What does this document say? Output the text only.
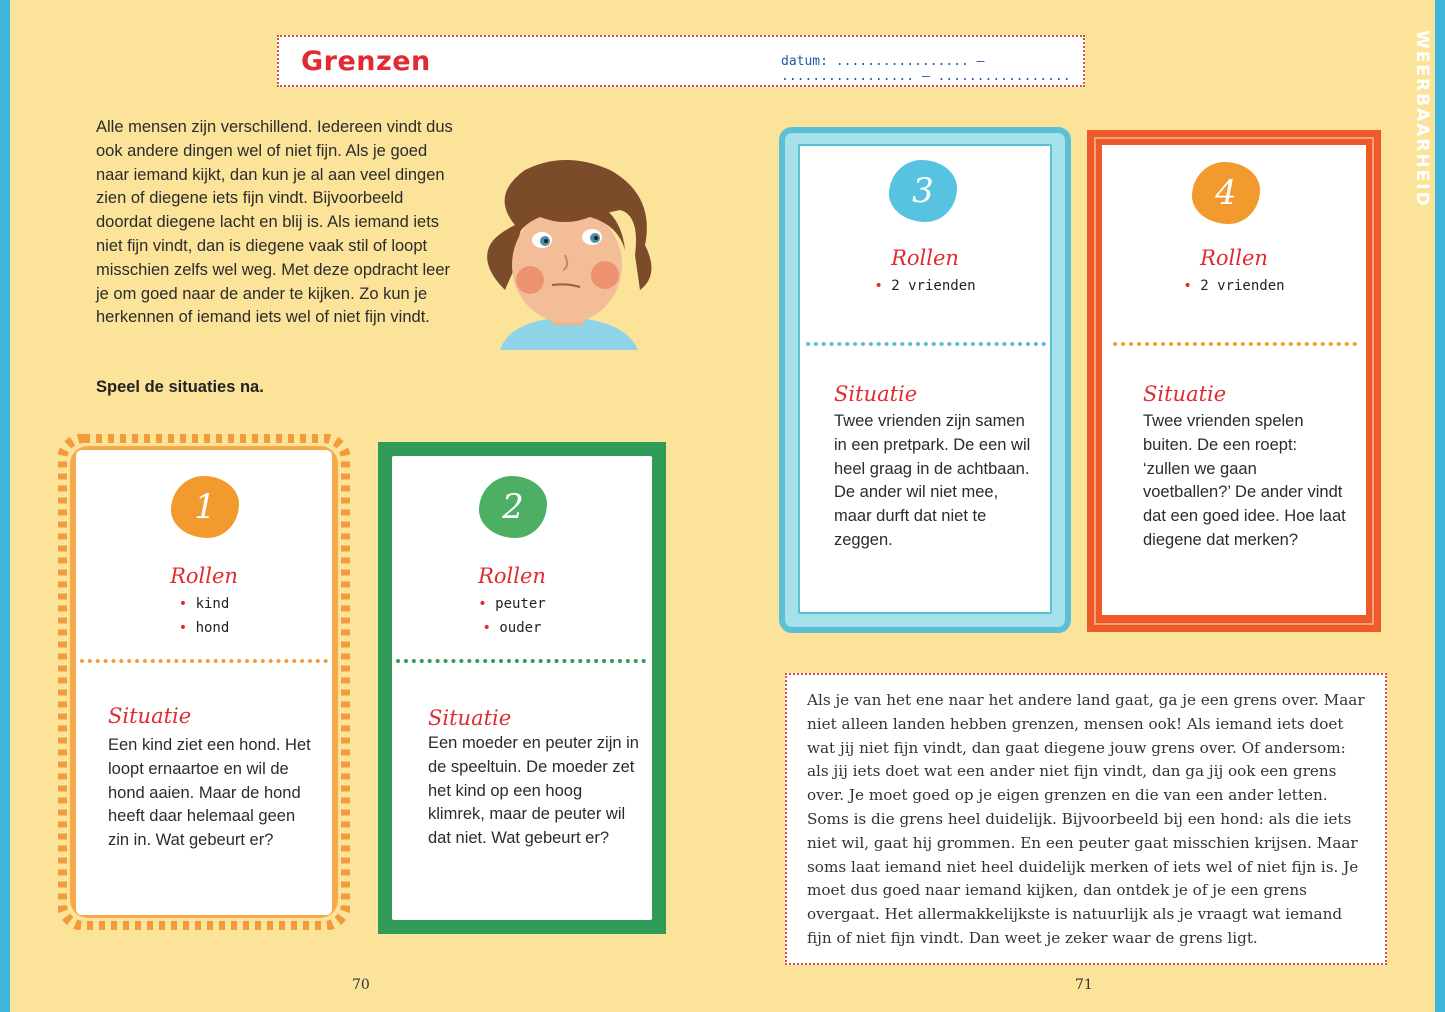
Grenzen	datum: ................. – ................. – .................	WEERBAARHEID
Alle mensen zijn verschillend. Iedereen vindt dus ook andere dingen wel of niet fijn. Als je goed naar iemand kijkt, dan kun je al aan veel dingen zien of diegene iets fijn vindt. Bijvoorbeeld doordat diegene lacht en blij is. Als iemand iets niet fijn vindt, dan is diegene vaak stil of loopt misschien zelfs wel weg. Met deze opdracht leer je om goed naar de ander te kijken. Zo kun je herkennen of iemand iets wel of niet fijn vindt.
Speel de situaties na.
1
Rollen
• kind
• hond
Situatie
Een kind ziet een hond. Het loopt ernaartoe en wil de hond aaien. Maar de hond heeft daar helemaal geen zin in. Wat gebeurt er?
2
Rollen
• peuter
• ouder
Situatie
Een moeder en peuter zijn in de speeltuin. De moeder zet het kind op een hoog klimrek, maar de peuter wil dat niet. Wat gebeurt er?
3
Rollen
• 2 vrienden
Situatie
Twee vrienden zijn samen in een pretpark. De een wil heel graag in de achtbaan. De ander wil niet mee, maar durft dat niet te zeggen.
4
Rollen
• 2 vrienden
Situatie
Twee vrienden spelen buiten. De een roept: ‘zullen we gaan voetballen?’ De ander vindt dat een goed idee. Hoe laat diegene dat merken?
Als je van het ene naar het andere land gaat, ga je een grens over. Maar niet alleen landen hebben grenzen, mensen ook! Als iemand iets doet wat jij niet fijn vindt, dan gaat diegene jouw grens over. Of andersom: als jij iets doet wat een ander niet fijn vindt, dan ga jij ook een grens over. Je moet goed op je eigen grenzen en die van een ander letten. Soms is die grens heel duidelijk. Bijvoorbeeld bij een hond: als die iets niet wil, gaat hij grommen. En een peuter gaat misschien krijsen. Maar soms laat iemand niet heel duidelijk merken of iets wel of niet fijn is. Je moet dus goed naar iemand kijken, dan ontdek je of je een grens overgaat. Het allermakkelijkste is natuurlijk als je vraagt wat iemand fijn of niet fijn vindt. Dan weet je zeker waar de grens ligt.
70	71
